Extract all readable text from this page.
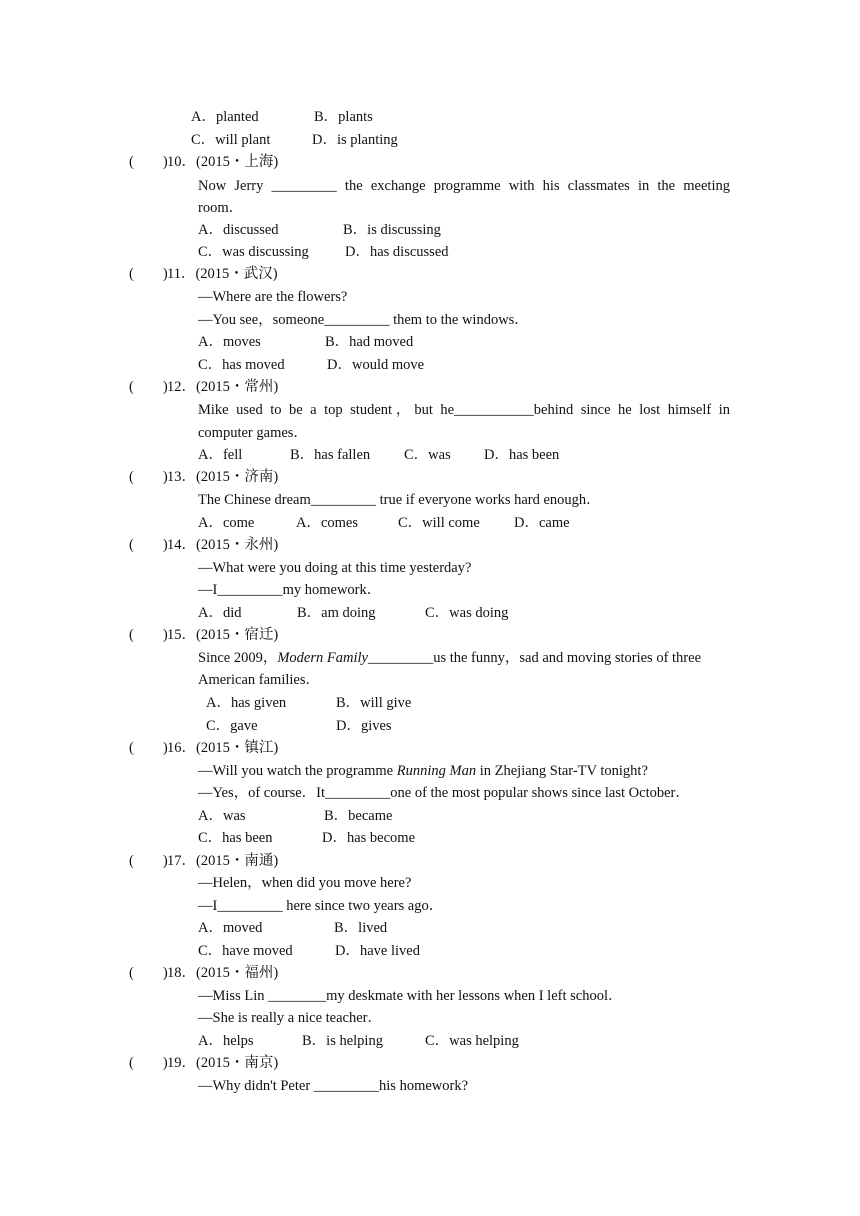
A．planted	B．plants
C．will plant	D．is planting
(　　) 10．(2015・上海)
Now Jerry _________ the exchange programme with his classmates in the meeting
room．
A．discussed	B．is discussing
C．was discussing D．has discussed
(　　) 11．(2015・武汉)
—Where are the flowers?
—You see，someone_________ them to the windows．
A．moves	B．had moved
C．has moved	D．would move
(　　) 12．(2015・常州)
Mike used to be a top student，but he___________behind since he lost himself in
computer games．
A．fell	B．has fallen C．was D．has been
(　　) 13．(2015・济南)
The Chinese dream_________ true if everyone works hard enough．
A．come	A．comes	C．will come D．came
(　　) 14．(2015・永州)
—What were you doing at this time yesterday?
—I_________my homework．
A．did	B．am doing	C．was doing
(　　) 15．(2015・宿迁)
Since 2009，Modern Family_________us the funny，sad and moving stories of three
American families．
A．has given	B．will give
C．gave	D．gives
(　　) 16．(2015・镇江)
—Will you watch the programme Running Man in Zhejiang Star-TV tonight?
—Yes，of course．It_________one of the most popular shows since last October．
A．was	B．became
C．has been	D．has become
(　　) 17．(2015・南通)
—Helen，when did you move here?
—I_________ here since two years ago．
A．moved	B．lived
C．have moved	D．have lived
(　　) 18．(2015・福州)
—Miss Lin ________my deskmate with her lessons when I left school．
—She is really a nice teacher．
A．helps	B．is helping	C．was helping
(　　) 19．(2015・南京)
—Why didn't Peter _________his homework?
